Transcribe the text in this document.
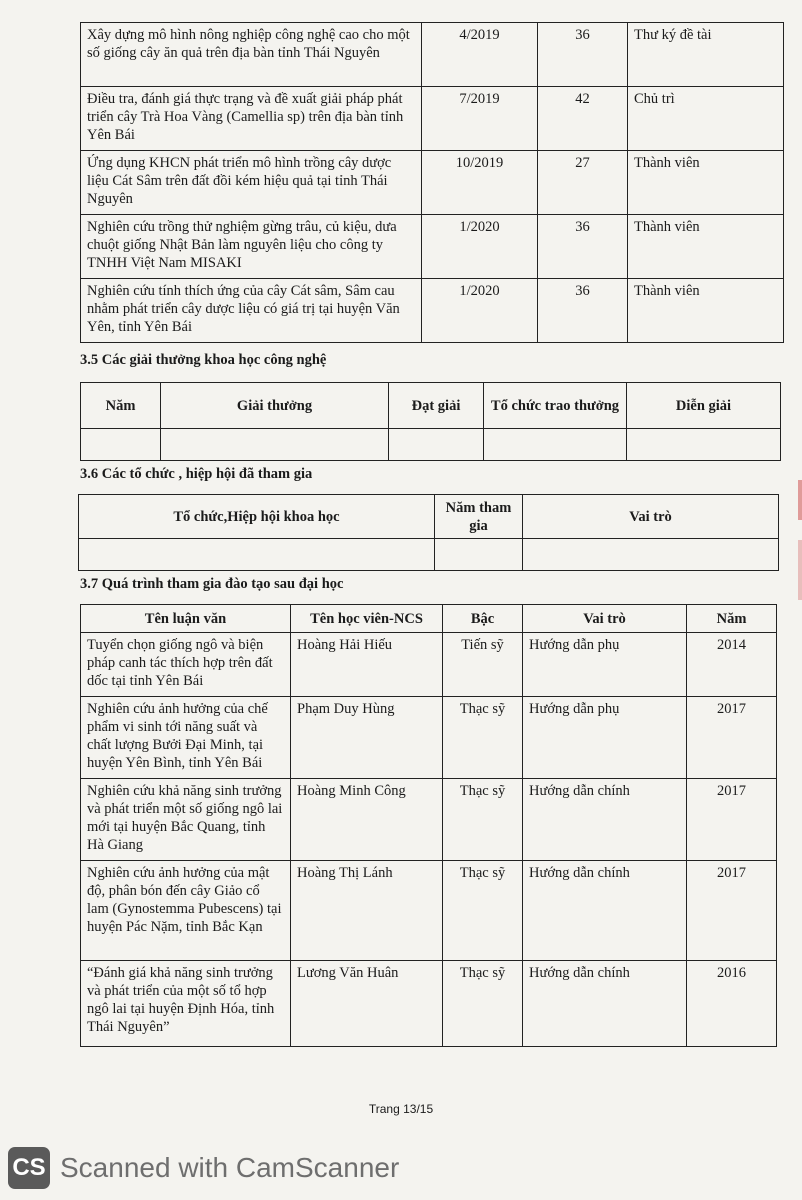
Xây dựng mô hình nông nghiệp công nghệ cao cho một số giống cây ăn quả trên địa bàn tỉnh Thái Nguyên	4/2019	36	Thư ký đề tài
Điều tra, đánh giá thực trạng và đề xuất giải pháp phát triển cây Trà Hoa Vàng (Camellia sp) trên địa bàn tỉnh Yên Bái	7/2019	42	Chủ trì
Ứng dụng KHCN phát triển mô hình trồng cây dược liệu Cát Sâm trên đất đồi kém hiệu quả tại tỉnh Thái Nguyên	10/2019	27	Thành viên
Nghiên cứu trồng thử nghiệm gừng trâu, củ kiệu, dưa chuột giống Nhật Bản làm nguyên liệu cho công ty TNHH Việt Nam MISAKI	1/2020	36	Thành viên
Nghiên cứu tính thích ứng của cây Cát sâm, Sâm cau nhằm phát triển cây dược liệu có giá trị tại huyện Văn Yên, tỉnh Yên Bái	1/2020	36	Thành viên
3.5 Các giải thưởng khoa học công nghệ
Năm	Giải thưởng	Đạt giải	Tổ chức trao thưởng	Diễn giải

3.6 Các tổ chức , hiệp hội đã tham gia
Tổ chức,Hiệp hội khoa học	Năm tham gia	Vai trò

3.7 Quá trình tham gia đào tạo sau đại học
Tên luận văn	Tên học viên-NCS	Bậc	Vai trò	Năm
Tuyển chọn giống ngô và biện pháp canh tác thích hợp trên đất dốc tại tỉnh Yên Bái	Hoàng Hải Hiếu	Tiến sỹ	Hướng dẫn phụ	2014
Nghiên cứu ảnh hưởng của chế phẩm vi sinh tới năng suất và chất lượng Bưởi Đại Minh, tại huyện Yên Bình, tỉnh Yên Bái	Phạm Duy Hùng	Thạc sỹ	Hướng dẫn phụ	2017
Nghiên cứu khả năng sinh trưởng và phát triển một số giống ngô lai mới tại huyện Bắc Quang, tỉnh Hà Giang	Hoàng Minh Công	Thạc sỹ	Hướng dẫn chính	2017
Nghiên cứu ảnh hưởng của mật độ, phân bón đến cây Giảo cổ lam (Gynostemma Pubescens) tại huyện Pác Nặm, tỉnh Bắc Kạn	Hoàng Thị Lánh	Thạc sỹ	Hướng dẫn chính	2017
“Đánh giá khả năng sinh trưởng và phát triển của một số tổ hợp ngô lai tại huyện Định Hóa, tỉnh Thái Nguyên”	Lương Văn Huân	Thạc sỹ	Hướng dẫn chính	2016
Trang 13/15
CS Scanned with CamScanner
